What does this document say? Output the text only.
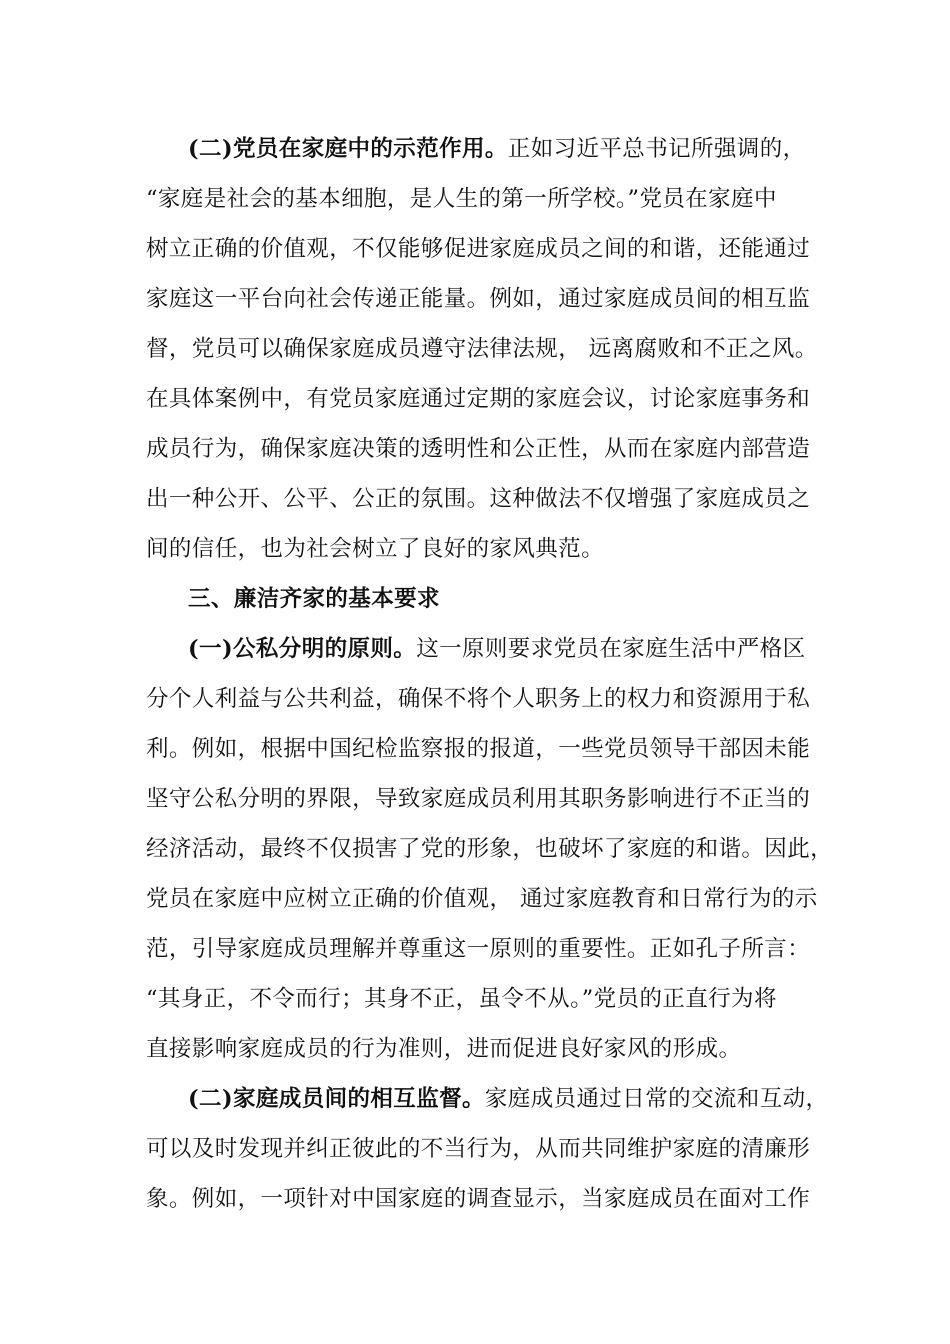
(二)党员在家庭中的示范作用。正如习近平总书记所强调的，
“家庭是社会的基本细胞，是人生的第一所学校。”党员在家庭中
树立正确的价值观，不仅能够促进家庭成员之间的和谐，还能通过
家庭这一平台向社会传递正能量。例如，通过家庭成员间的相互监
督，党员可以确保家庭成员遵守法律法规， 远离腐败和不正之风。
在具体案例中，有党员家庭通过定期的家庭会议，讨论家庭事务和
成员行为，确保家庭决策的透明性和公正性，从而在家庭内部营造
出一种公开、公平、公正的氛围。这种做法不仅增强了家庭成员之
间的信任，也为社会树立了良好的家风典范。
三、廉洁齐家的基本要求
(一)公私分明的原则。这一原则要求党员在家庭生活中严格区
分个人利益与公共利益，确保不将个人职务上的权力和资源用于私
利。例如，根据中国纪检监察报的报道，一些党员领导干部因未能
坚守公私分明的界限，导致家庭成员利用其职务影响进行不正当的
经济活动，最终不仅损害了党的形象，也破坏了家庭的和谐。因此，
党员在家庭中应树立正确的价值观， 通过家庭教育和日常行为的示
范，引导家庭成员理解并尊重这一原则的重要性。正如孔子所言：
“其身正，不令而行；其身不正，虽令不从。”党员的正直行为将
直接影响家庭成员的行为准则，进而促进良好家风的形成。
(二)家庭成员间的相互监督。家庭成员通过日常的交流和互动，
可以及时发现并纠正彼此的不当行为，从而共同维护家庭的清廉形
象。例如，一项针对中国家庭的调查显示，当家庭成员在面对工作
